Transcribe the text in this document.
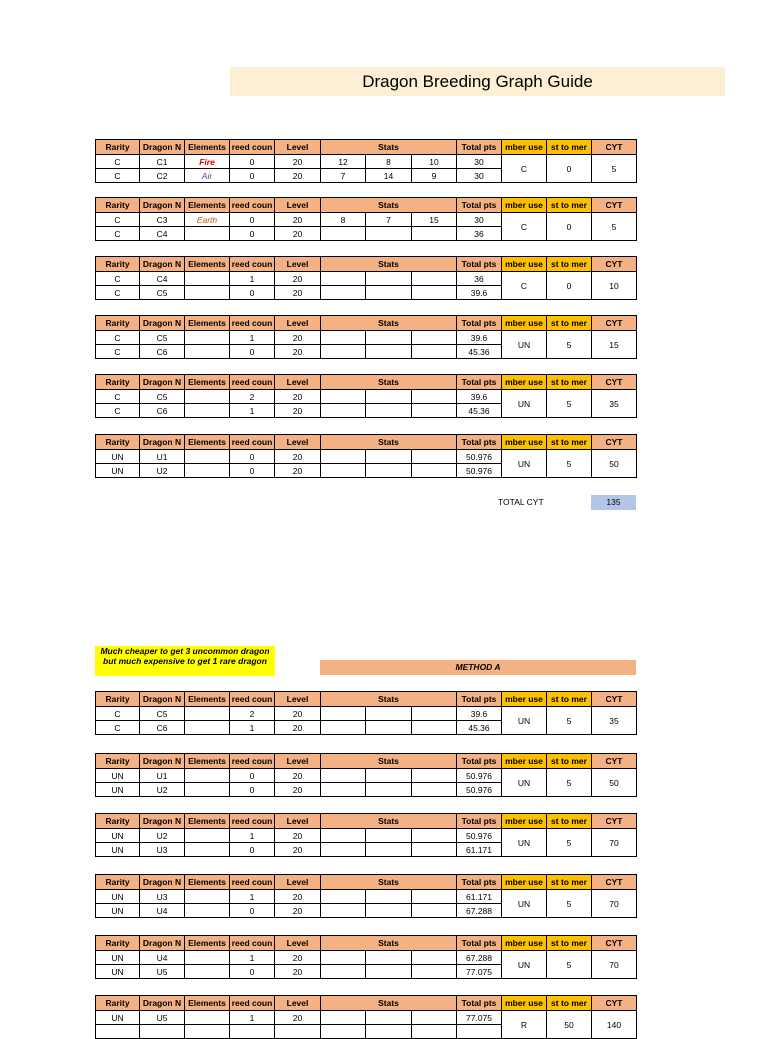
Dragon Breeding Graph Guide
Rarity	Dragon N	Elements	reed coun	Level	Stats			Total pts	mber use	st to mer	CYT
C	C1	Fire	0	20	12	8	10	30	C	0	5
C	C2	Air	0	20	7	14	9	30			
Rarity	Dragon N	Elements	reed coun	Level	Stats			Total pts	mber use	st to mer	CYT
C	C3	Earth	0	20	8	7	15	30	C	0	5
C	C4		0	20				36			
Rarity	Dragon N	Elements	reed coun	Level	Stats			Total pts	mber use	st to mer	CYT
C	C4		1	20				36	C	0	10
C	C5		0	20				39.6			
Rarity	Dragon N	Elements	reed coun	Level	Stats			Total pts	mber use	st to mer	CYT
C	C5		1	20				39.6	UN	5	15
C	C6		0	20				45.36			
Rarity	Dragon N	Elements	reed coun	Level	Stats			Total pts	mber use	st to mer	CYT
C	C5		2	20				39.6	UN	5	35
C	C6		1	20				45.36			
Rarity	Dragon N	Elements	reed coun	Level	Stats			Total pts	mber use	st to mer	CYT
UN	U1		0	20				50.976	UN	5	50
UN	U2		0	20				50.976			
TOTAL CYT	135
Much cheaper to get 3 uncommon dragon but much expensive to get 1 rare dragon
METHOD A
Rarity	Dragon N	Elements	reed coun	Level	Stats			Total pts	mber use	st to mer	CYT
C	C5		2	20				39.6	UN	5	35
C	C6		1	20				45.36			
Rarity	Dragon N	Elements	reed coun	Level	Stats			Total pts	mber use	st to mer	CYT
UN	U1		0	20				50.976	UN	5	50
UN	U2		0	20				50.976			
Rarity	Dragon N	Elements	reed coun	Level	Stats			Total pts	mber use	st to mer	CYT
UN	U2		1	20				50.976	UN	5	70
UN	U3		0	20				61.171			
Rarity	Dragon N	Elements	reed coun	Level	Stats			Total pts	mber use	st to mer	CYT
UN	U3		1	20				61.171	UN	5	70
UN	U4		0	20				67.288			
Rarity	Dragon N	Elements	reed coun	Level	Stats			Total pts	mber use	st to mer	CYT
UN	U4		1	20				67.288	UN	5	70
UN	U5		0	20				77.075			
Rarity	Dragon N	Elements	reed coun	Level	Stats			Total pts	mber use	st to mer	CYT
UN	U5		1	20				77.075	R	50	140
